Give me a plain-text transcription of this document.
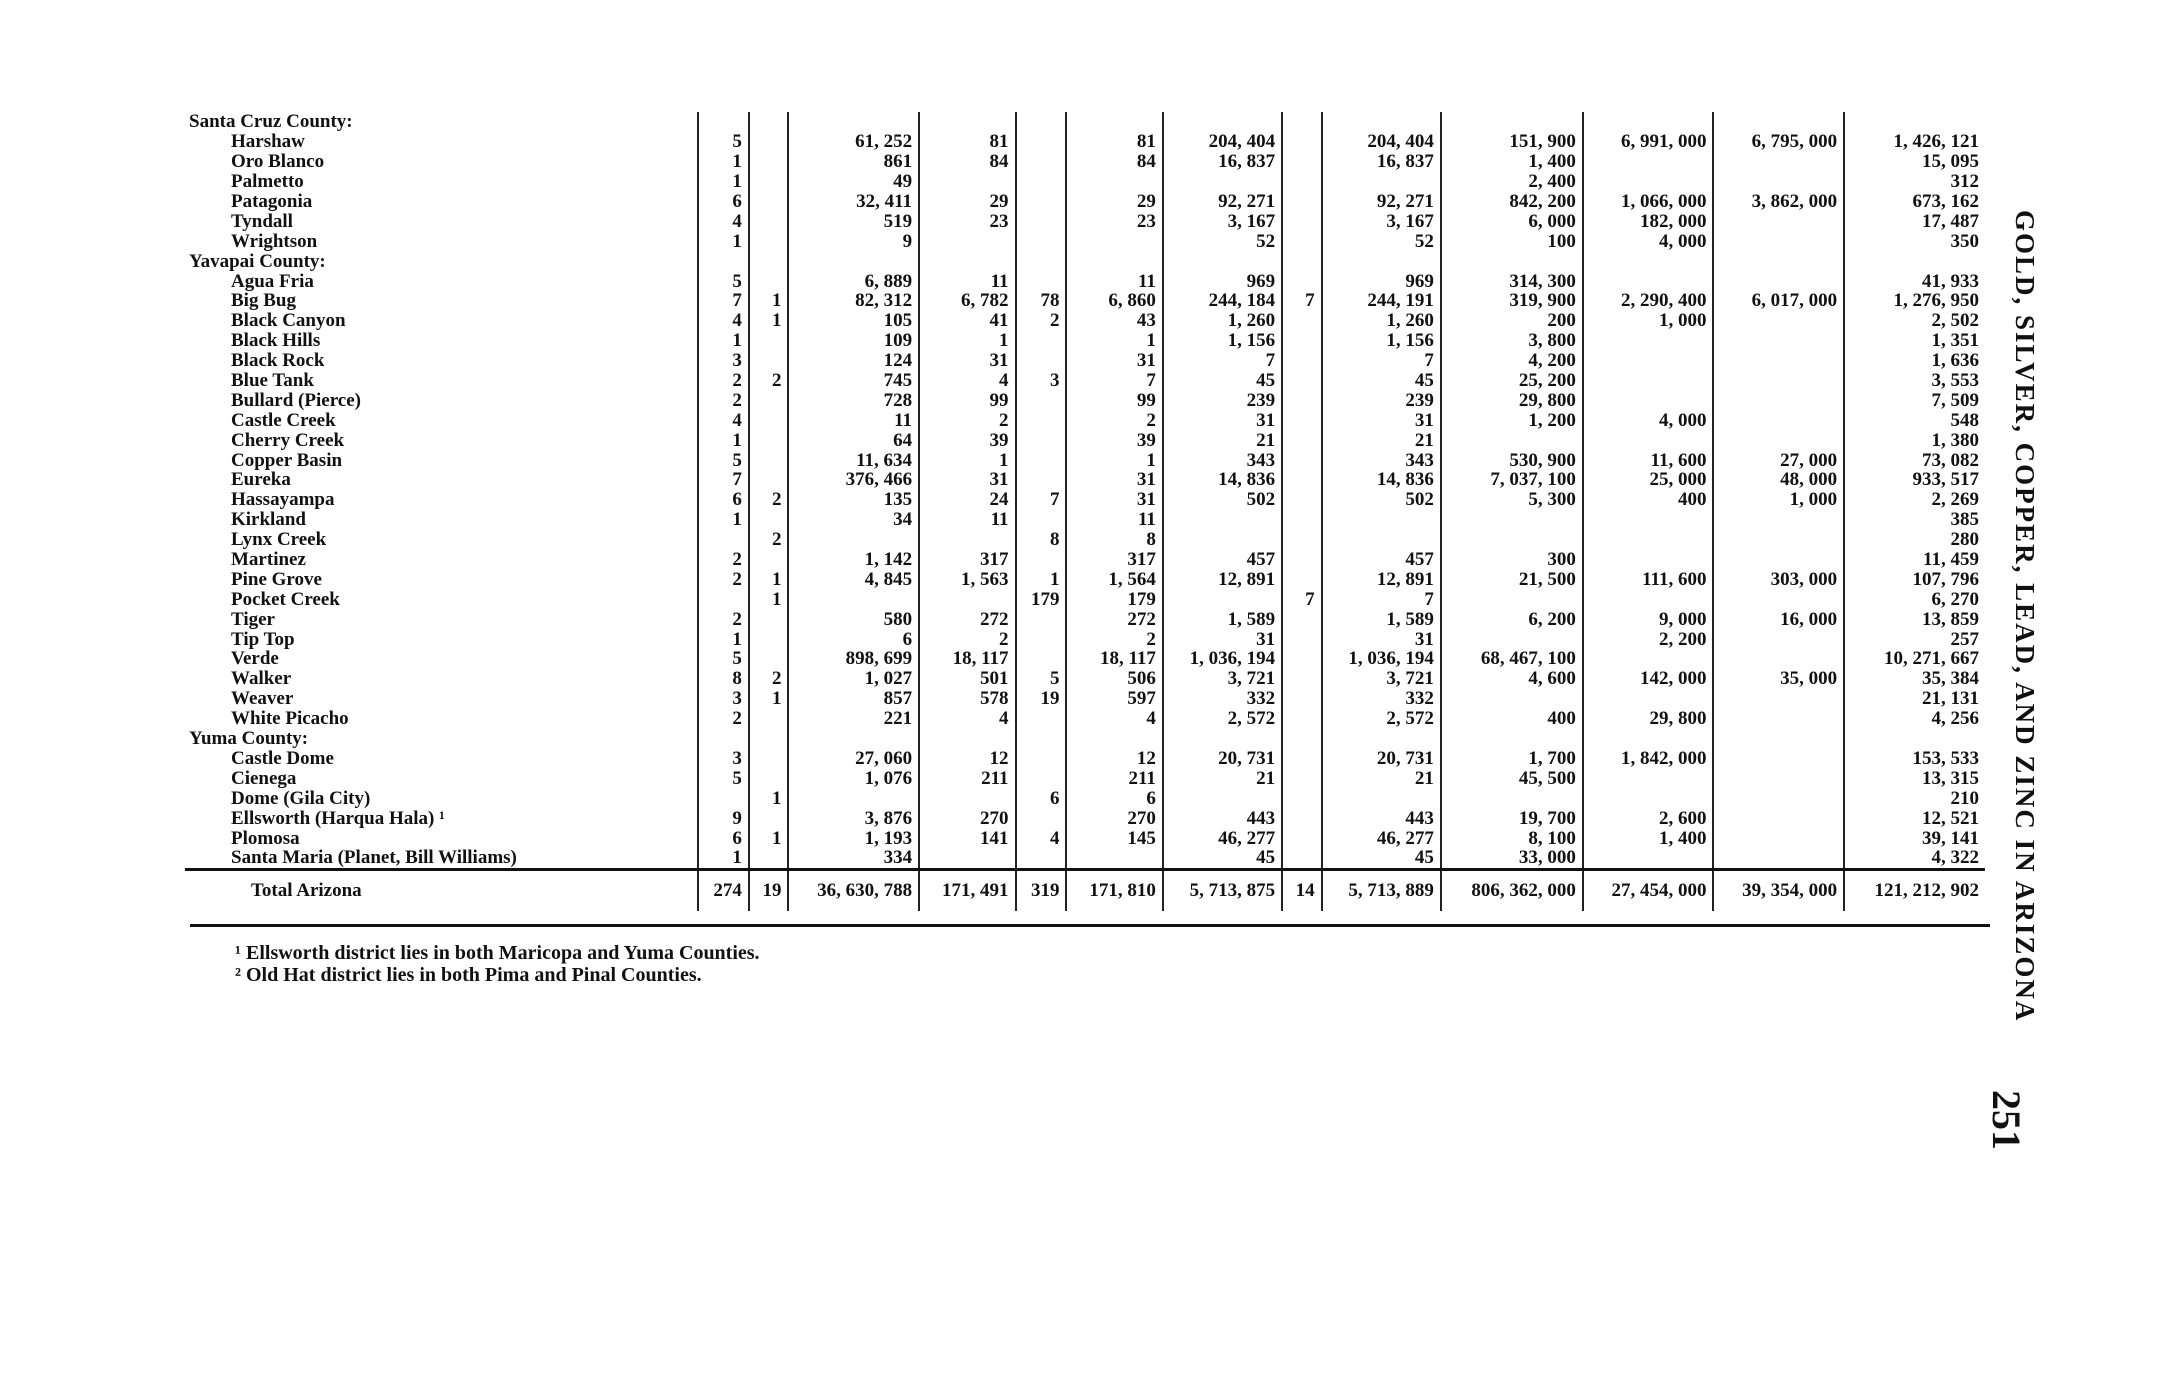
Santa Cruz County:													
Harshaw	5		61, 252	81		81	204, 404		204, 404	151, 900	6, 991, 000	6, 795, 000	1, 426, 121
Oro Blanco	1		861	84		84	16, 837		16, 837	1, 400			15, 095
Palmetto	1		49							2, 400			312
Patagonia	6		32, 411	29		29	92, 271		92, 271	842, 200	1, 066, 000	3, 862, 000	673, 162
Tyndall	4		519	23		23	3, 167		3, 167	6, 000	182, 000		17, 487
Wrightson	1		9				52		52	100	4, 000		350
Yavapai County:													
Agua Fria	5		6, 889	11		11	969		969	314, 300			41, 933
Big Bug	7	1	82, 312	6, 782	78	6, 860	244, 184	7	244, 191	319, 900	2, 290, 400	6, 017, 000	1, 276, 950
Black Canyon	4	1	105	41	2	43	1, 260		1, 260	200	1, 000		2, 502
Black Hills	1		109	1		1	1, 156		1, 156	3, 800			1, 351
Black Rock	3		124	31		31	7		7	4, 200			1, 636
Blue Tank	2	2	745	4	3	7	45		45	25, 200			3, 553
Bullard (Pierce)	2		728	99		99	239		239	29, 800			7, 509
Castle Creek	4		11	2		2	31		31	1, 200	4, 000		548
Cherry Creek	1		64	39		39	21		21				1, 380
Copper Basin	5		11, 634	1		1	343		343	530, 900	11, 600	27, 000	73, 082
Eureka	7		376, 466	31		31	14, 836		14, 836	7, 037, 100	25, 000	48, 000	933, 517
Hassayampa	6	2	135	24	7	31	502		502	5, 300	400	1, 000	2, 269
Kirkland	1		34	11		11							385
Lynx Creek		2			8	8							280
Martinez	2		1, 142	317		317	457		457	300			11, 459
Pine Grove	2	1	4, 845	1, 563	1	1, 564	12, 891		12, 891	21, 500	111, 600	303, 000	107, 796
Pocket Creek		1			179	179		7	7				6, 270
Tiger	2		580	272		272	1, 589		1, 589	6, 200	9, 000	16, 000	13, 859
Tip Top	1		6	2		2	31		31		2, 200		257
Verde	5		898, 699	18, 117		18, 117	1, 036, 194		1, 036, 194	68, 467, 100			10, 271, 667
Walker	8	2	1, 027	501	5	506	3, 721		3, 721	4, 600	142, 000	35, 000	35, 384
Weaver	3	1	857	578	19	597	332		332				21, 131
White Picacho	2		221	4		4	2, 572		2, 572	400	29, 800		4, 256
Yuma County:													
Castle Dome	3		27, 060	12		12	20, 731		20, 731	1, 700	1, 842, 000		153, 533
Cienega	5		1, 076	211		211	21		21	45, 500			13, 315
Dome (Gila City)		1			6	6							210
Ellsworth (Harqua Hala) ¹	9		3, 876	270		270	443		443	19, 700	2, 600		12, 521
Plomosa	6	1	1, 193	141	4	145	46, 277		46, 277	8, 100	1, 400		39, 141
Santa Maria (Planet, Bill Williams)	1		334				45		45	33, 000			4, 322
Total Arizona	274	19	36, 630, 788	171, 491	319	171, 810	5, 713, 875	14	5, 713, 889	806, 362, 000	27, 454, 000	39, 354, 000	121, 212, 902
¹ Ellsworth district lies in both Maricopa and Yuma Counties.
² Old Hat district lies in both Pima and Pinal Counties.	GOLD, SILVER, COPPER, LEAD, AND ZINC IN ARIZONA
251
